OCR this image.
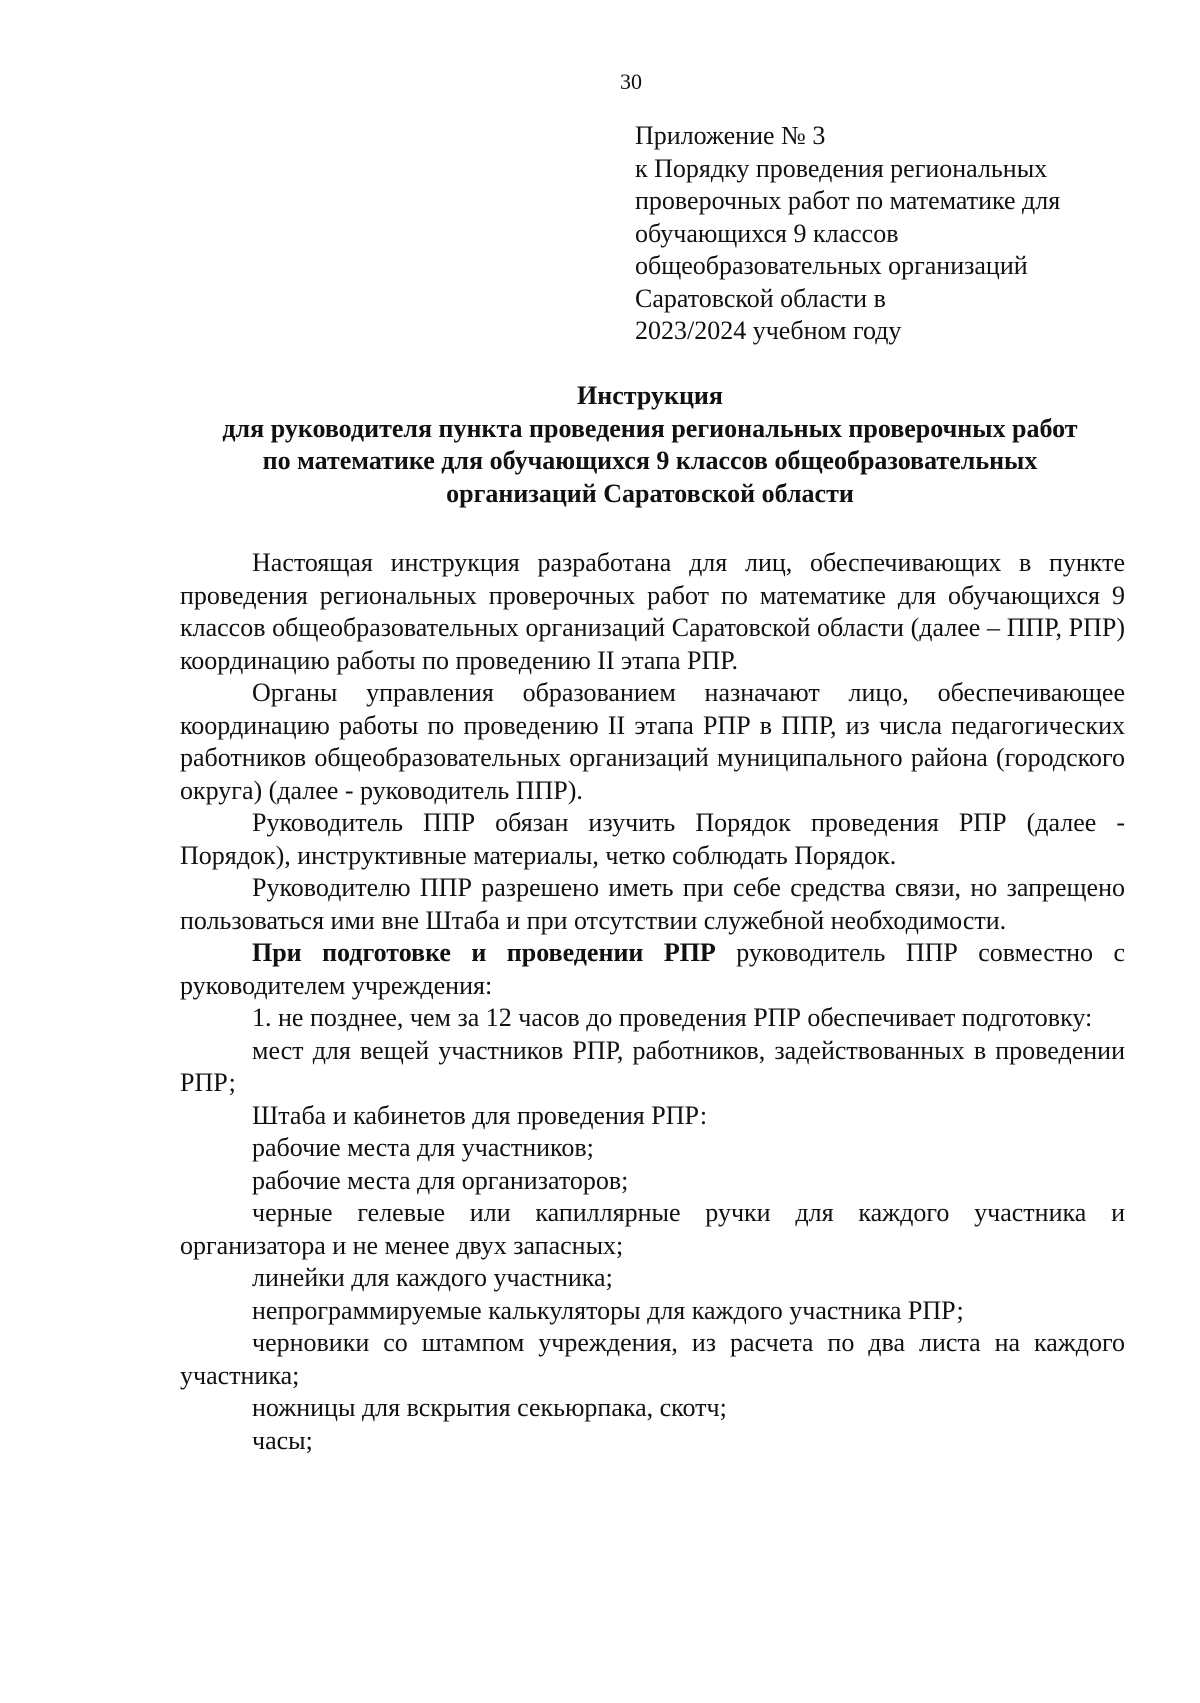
30
Приложение № 3
к Порядку проведения региональных
проверочных работ по математике для
обучающихся 9 классов
общеобразовательных организаций
Саратовской области в
2023/2024 учебном году
Инструкция
для руководителя пункта проведения региональных проверочных работ
по математике для обучающихся 9 классов общеобразовательных
организаций Саратовской области

Настоящая инструкция разработана для лиц, обеспечивающих в пункте проведения региональных проверочных работ по математике для обучающихся 9 классов общеобразовательных организаций Саратовской области (далее – ППР, РПР) координацию работы по проведению II этапа РПР.

Органы управления образованием назначают лицо, обеспечивающее координацию работы по проведению II этапа РПР в ППР, из числа педагогических работников общеобразовательных организаций муниципального района (городского округа) (далее - руководитель ППР).

Руководитель ППР обязан изучить Порядок проведения РПР (далее - Порядок), инструктивные материалы, четко соблюдать Порядок.

Руководителю ППР разрешено иметь при себе средства связи, но запрещено пользоваться ими вне Штаба и при отсутствии служебной необходимости.

При подготовке и проведении РПР руководитель ППР совместно с руководителем учреждения:

1. не позднее, чем за 12 часов до проведения РПР обеспечивает подготовку:

мест для вещей участников РПР, работников, задействованных в проведении РПР;

Штаба и кабинетов для проведения РПР:

рабочие места для участников;

рабочие места для организаторов;

черные гелевые или капиллярные ручки для каждого участника и организатора и не менее двух запасных;

линейки для каждого участника;

непрограммируемые калькуляторы для каждого участника РПР;

черновики со штампом учреждения, из расчета по два листа на каждого участника;

ножницы для вскрытия секьюрпака, скотч;

часы;
